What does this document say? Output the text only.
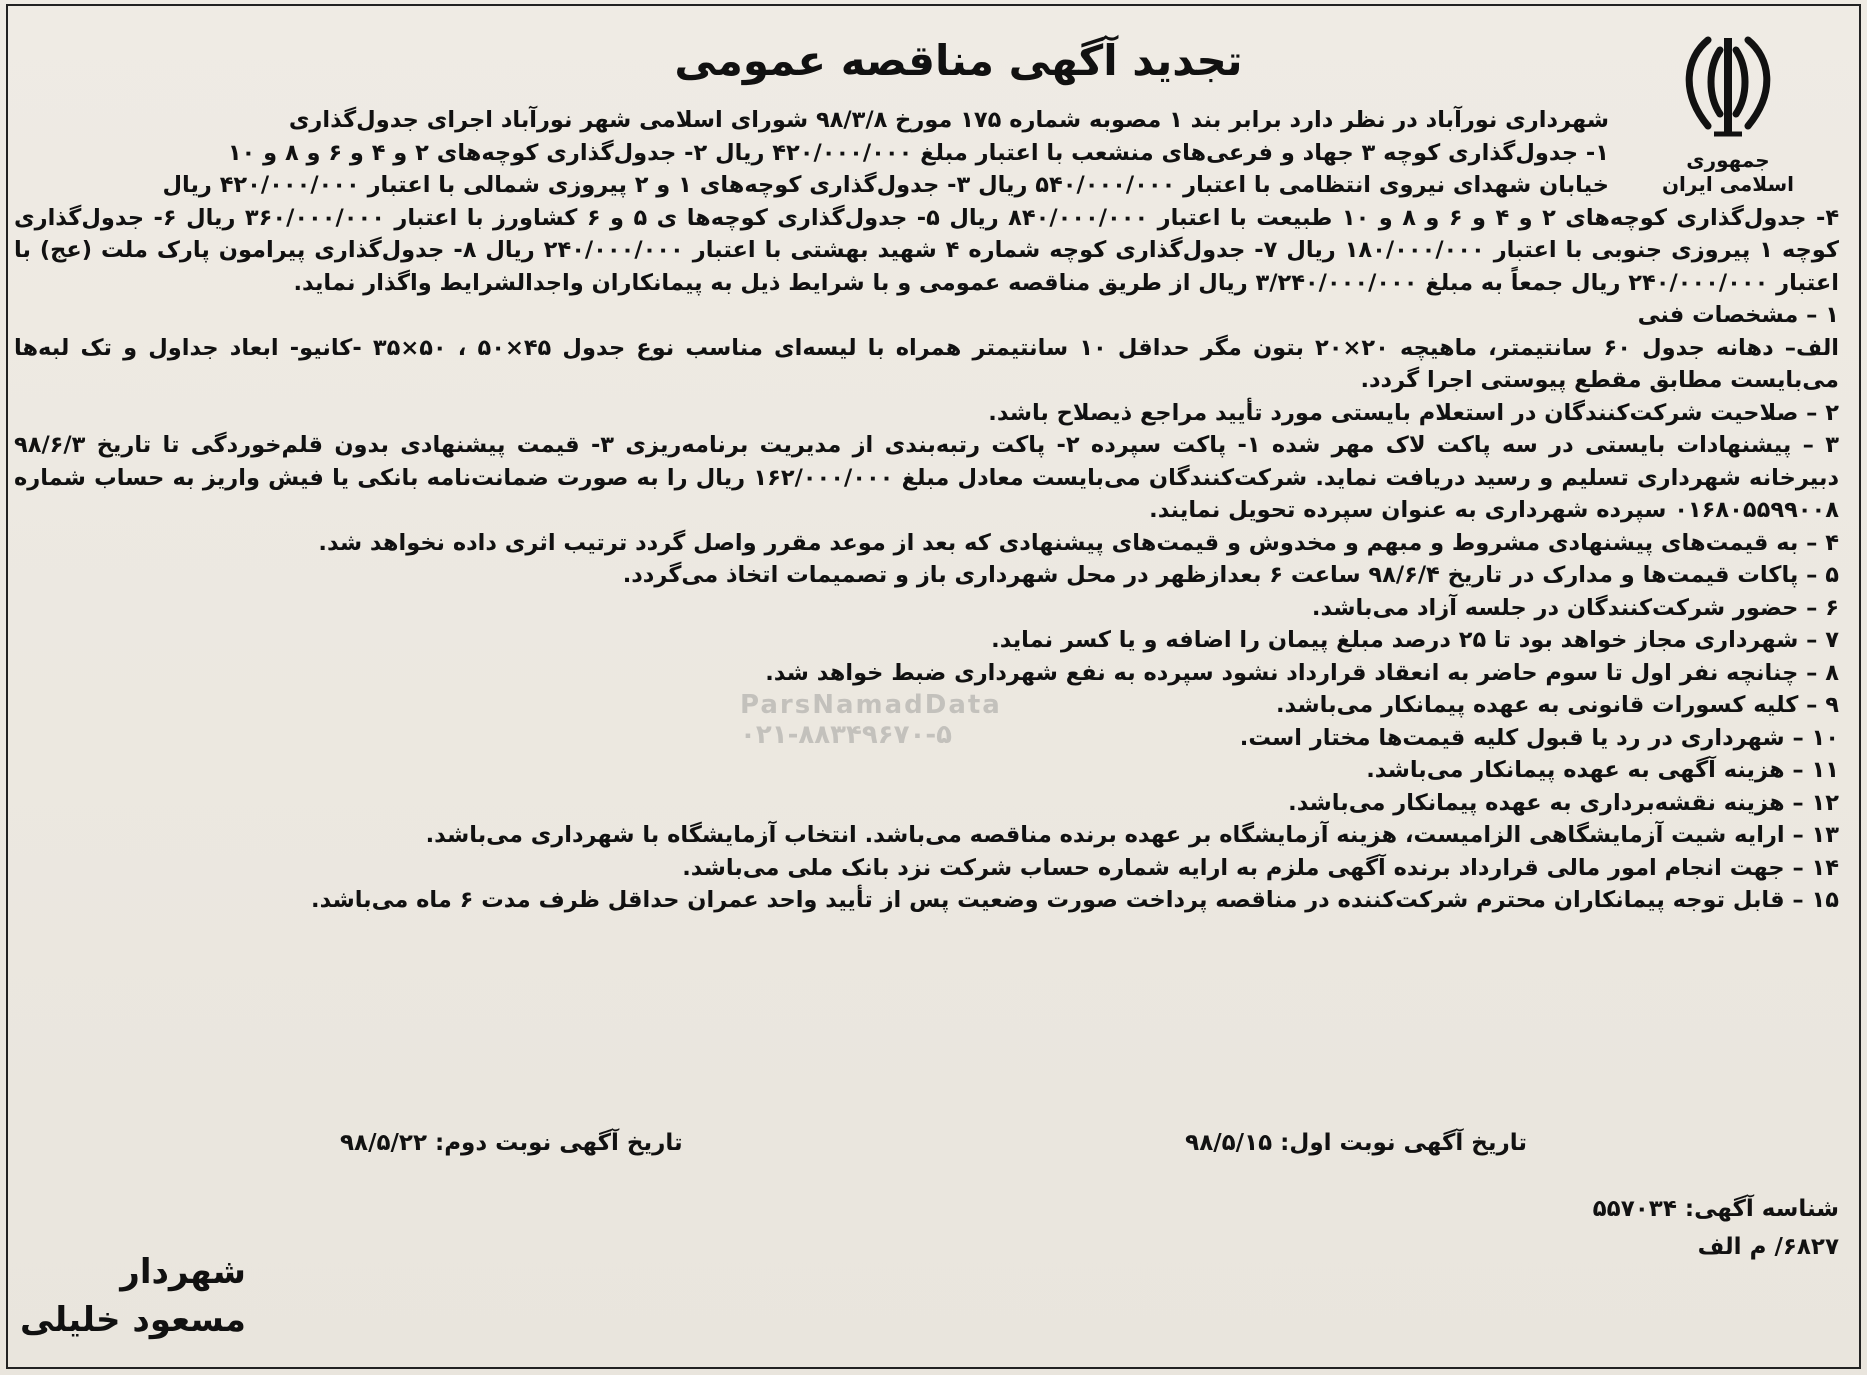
جمهوری اسلامی ایران
تجدید آگهی مناقصه عمومی

شهرداری نورآباد در نظر دارد برابر بند ۱ مصوبه شماره ۱۷۵ مورخ ۹۸/۳/۸ شورای اسلامی شهر نورآباد اجرای جدول‌گذاری

۱- جدول‌گذاری کوچه ۳ جهاد و فرعی‌های منشعب با اعتبار مبلغ ۴۲۰/۰۰۰/۰۰۰ ریال ۲- جدول‌گذاری کوچه‌های ۲ و ۴ و ۶ و ۸ و ۱۰

خیابان شهدای نیروی انتظامی با اعتبار ۵۴۰/۰۰۰/۰۰۰ ریال ۳- جدول‌گذاری کوچه‌های ۱ و ۲ پیروزی شمالی با اعتبار ۴۲۰/۰۰۰/۰۰۰ ریال

۴- جدول‌گذاری کوچه‌های ۲ و ۴ و ۶ و ۸ و ۱۰ طبیعت با اعتبار ۸۴۰/۰۰۰/۰۰۰ ریال ۵- جدول‌گذاری کوچه‌ها ی ۵ و ۶ کشاورز با اعتبار ۳۶۰/۰۰۰/۰۰۰ ریال ۶- جدول‌گذاری کوچه ۱ پیروزی جنوبی با اعتبار ۱۸۰/۰۰۰/۰۰۰ ریال ۷- جدول‌گذاری کوچه شماره ۴ شهید بهشتی با اعتبار ۲۴۰/۰۰۰/۰۰۰ ریال ۸- جدول‌گذاری پیرامون پارک ملت (عج) با اعتبار ۲۴۰/۰۰۰/۰۰۰ ریال جمعاً به مبلغ ۳/۲۴۰/۰۰۰/۰۰۰ ریال از طریق مناقصه عمومی و با شرایط ذیل به پیمانکاران واجدالشرایط واگذار نماید.

۱ – مشخصات فنی

الف– دهانه جدول ۶۰ سانتیمتر، ماهیچه ۲۰×۲۰ بتون مگر حداقل ۱۰ سانتیمتر همراه با لیسه‌ای مناسب نوع جدول ۴۵×۵۰ ، ۵۰×۳۵ -کانیو- ابعاد جداول و تک لبه‌ها می‌بایست مطابق مقطع پیوستی اجرا گردد.

۲ – صلاحیت شرکت‌کنندگان در استعلام بایستی مورد تأیید مراجع ذیصلاح باشد.

۳ – پیشنهادات بایستی در سه پاکت لاک مهر شده ۱- پاکت سپرده ۲- پاکت رتبه‌بندی از مدیریت برنامه‌ریزی ۳- قیمت پیشنهادی بدون قلم‌خوردگی تا تاریخ ۹۸/۶/۳ دبیرخانه شهرداری تسلیم و رسید دریافت نماید. شرکت‌کنندگان می‌بایست معادل مبلغ ۱۶۲/۰۰۰/۰۰۰ ریال را به صورت ضمانت‌نامه بانکی یا فیش واریز به حساب شماره ۰۱۶۸۰۵۵۹۹۰۰۸ سپرده شهرداری به عنوان سپرده تحویل نمایند.

۴ – به قیمت‌های پیشنهادی مشروط و مبهم و مخدوش و قیمت‌های پیشنهادی که بعد از موعد مقرر واصل گردد ترتیب اثری داده نخواهد شد.

۵ – پاکات قیمت‌ها و مدارک در تاریخ ۹۸/۶/۴ ساعت ۶ بعدازظهر در محل شهرداری باز و تصمیمات اتخاذ می‌گردد.

۶ – حضور شرکت‌کنندگان در جلسه آزاد می‌باشد.

۷ – شهرداری مجاز خواهد بود تا ۲۵ درصد مبلغ پیمان را اضافه و یا کسر نماید.

۸ – چنانچه نفر اول تا سوم حاضر به انعقاد قرارداد نشود سپرده به نفع شهرداری ضبط خواهد شد.

۹ – کلیه کسورات قانونی به عهده پیمانکار می‌باشد.

۱۰ – شهرداری در رد یا قبول کلیه قیمت‌ها مختار است.

۱۱ – هزینه آگهی به عهده پیمانکار می‌باشد.

۱۲ – هزینه نقشه‌برداری به عهده پیمانکار می‌باشد.

۱۳ – ارایه شیت آزمایشگاهی الزامیست، هزینه آزمایشگاه بر عهده برنده مناقصه می‌باشد. انتخاب آزمایشگاه با شهرداری می‌باشد.

۱۴ – جهت انجام امور مالی قرارداد برنده آگهی ملزم به ارایه شماره حساب شرکت نزد بانک ملی می‌باشد.

۱۵ – قابل توجه پیمانکاران محترم شرکت‌کننده در مناقصه پرداخت صورت وضعیت پس از تأیید واحد عمران حداقل ظرف مدت ۶ ماه می‌باشد.

ParsNamadData
۰۲۱-۸۸۳۴۹۶۷۰-۵
تاریخ آگهی نوبت اول: ۹۸/۵/۱۵
تاریخ آگهی نوبت دوم: ۹۸/۵/۲۲
شناسه آگهی: ۵۵۷۰۳۴
۶۸۲۷/ م الف
شهردار
مسعود خلیلی
